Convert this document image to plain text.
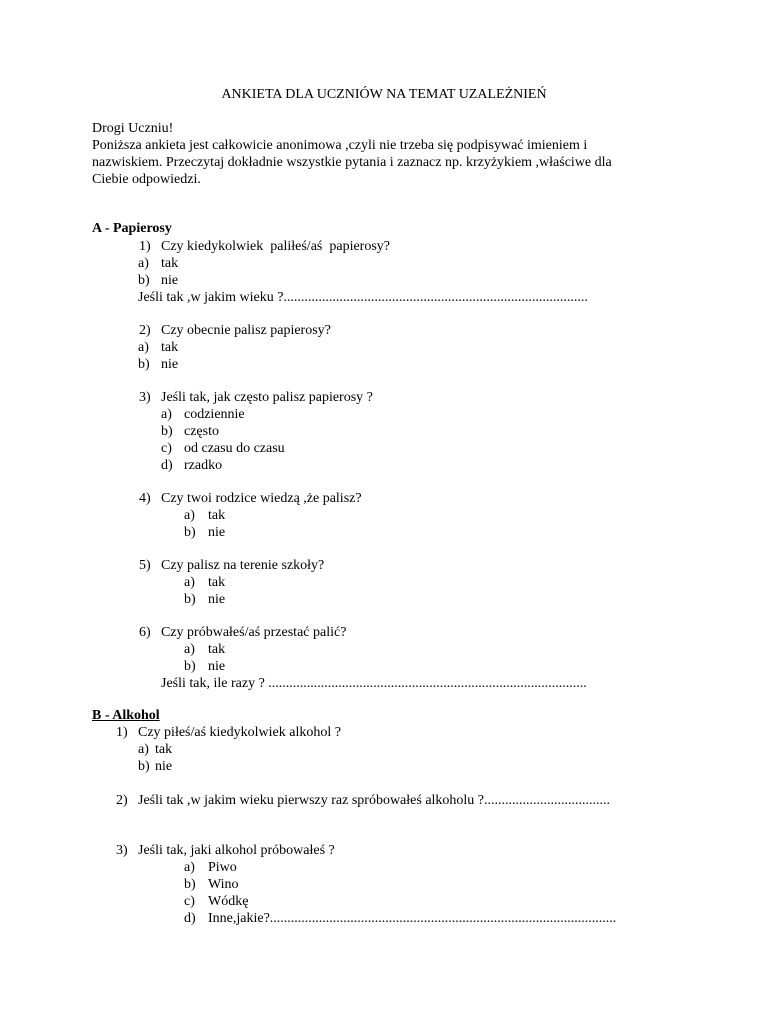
ANKIETA DLA UCZNIÓW NA TEMAT UZALEŻNIEŃ
Drogi Uczniu!
Poniższa ankieta jest całkowicie anonimowa ,czyli nie trzeba się podpisywać imieniem i
nazwiskiem. Przeczytaj dokładnie wszystkie pytania i zaznacz np. krzyżykiem ,właściwe dla
Ciebie odpowiedzi.
A - Papierosy
1) Czy kiedykolwiek  paliłeś/aś  papierosy?
a) tak
b) nie
Jeśli tak ,w jakim wieku ?.......................................................................................
2) Czy obecnie palisz papierosy?
a) tak
b) nie
3) Jeśli tak, jak często palisz papierosy ?
a) codziennie
b) często
c) od czasu do czasu
d) rzadko
4) Czy twoi rodzice wiedzą ,że palisz?
a) tak
b) nie
5) Czy palisz na terenie szkoły?
a) tak
b) nie
6) Czy próbwałeś/aś przestać palić?
a) tak
b) nie
Jeśli tak, ile razy ? ...........................................................................................
B - Alkohol
1) Czy piłeś/aś kiedykolwiek alkohol ?
a) tak
b) nie
2) Jeśli tak ,w jakim wieku pierwszy raz spróbowałeś alkoholu ?....................................
3) Jeśli tak, jaki alkohol próbowałeś ?
a) Piwo
b) Wino
c) Wódkę
d) Inne,jakie?...................................................................................................
